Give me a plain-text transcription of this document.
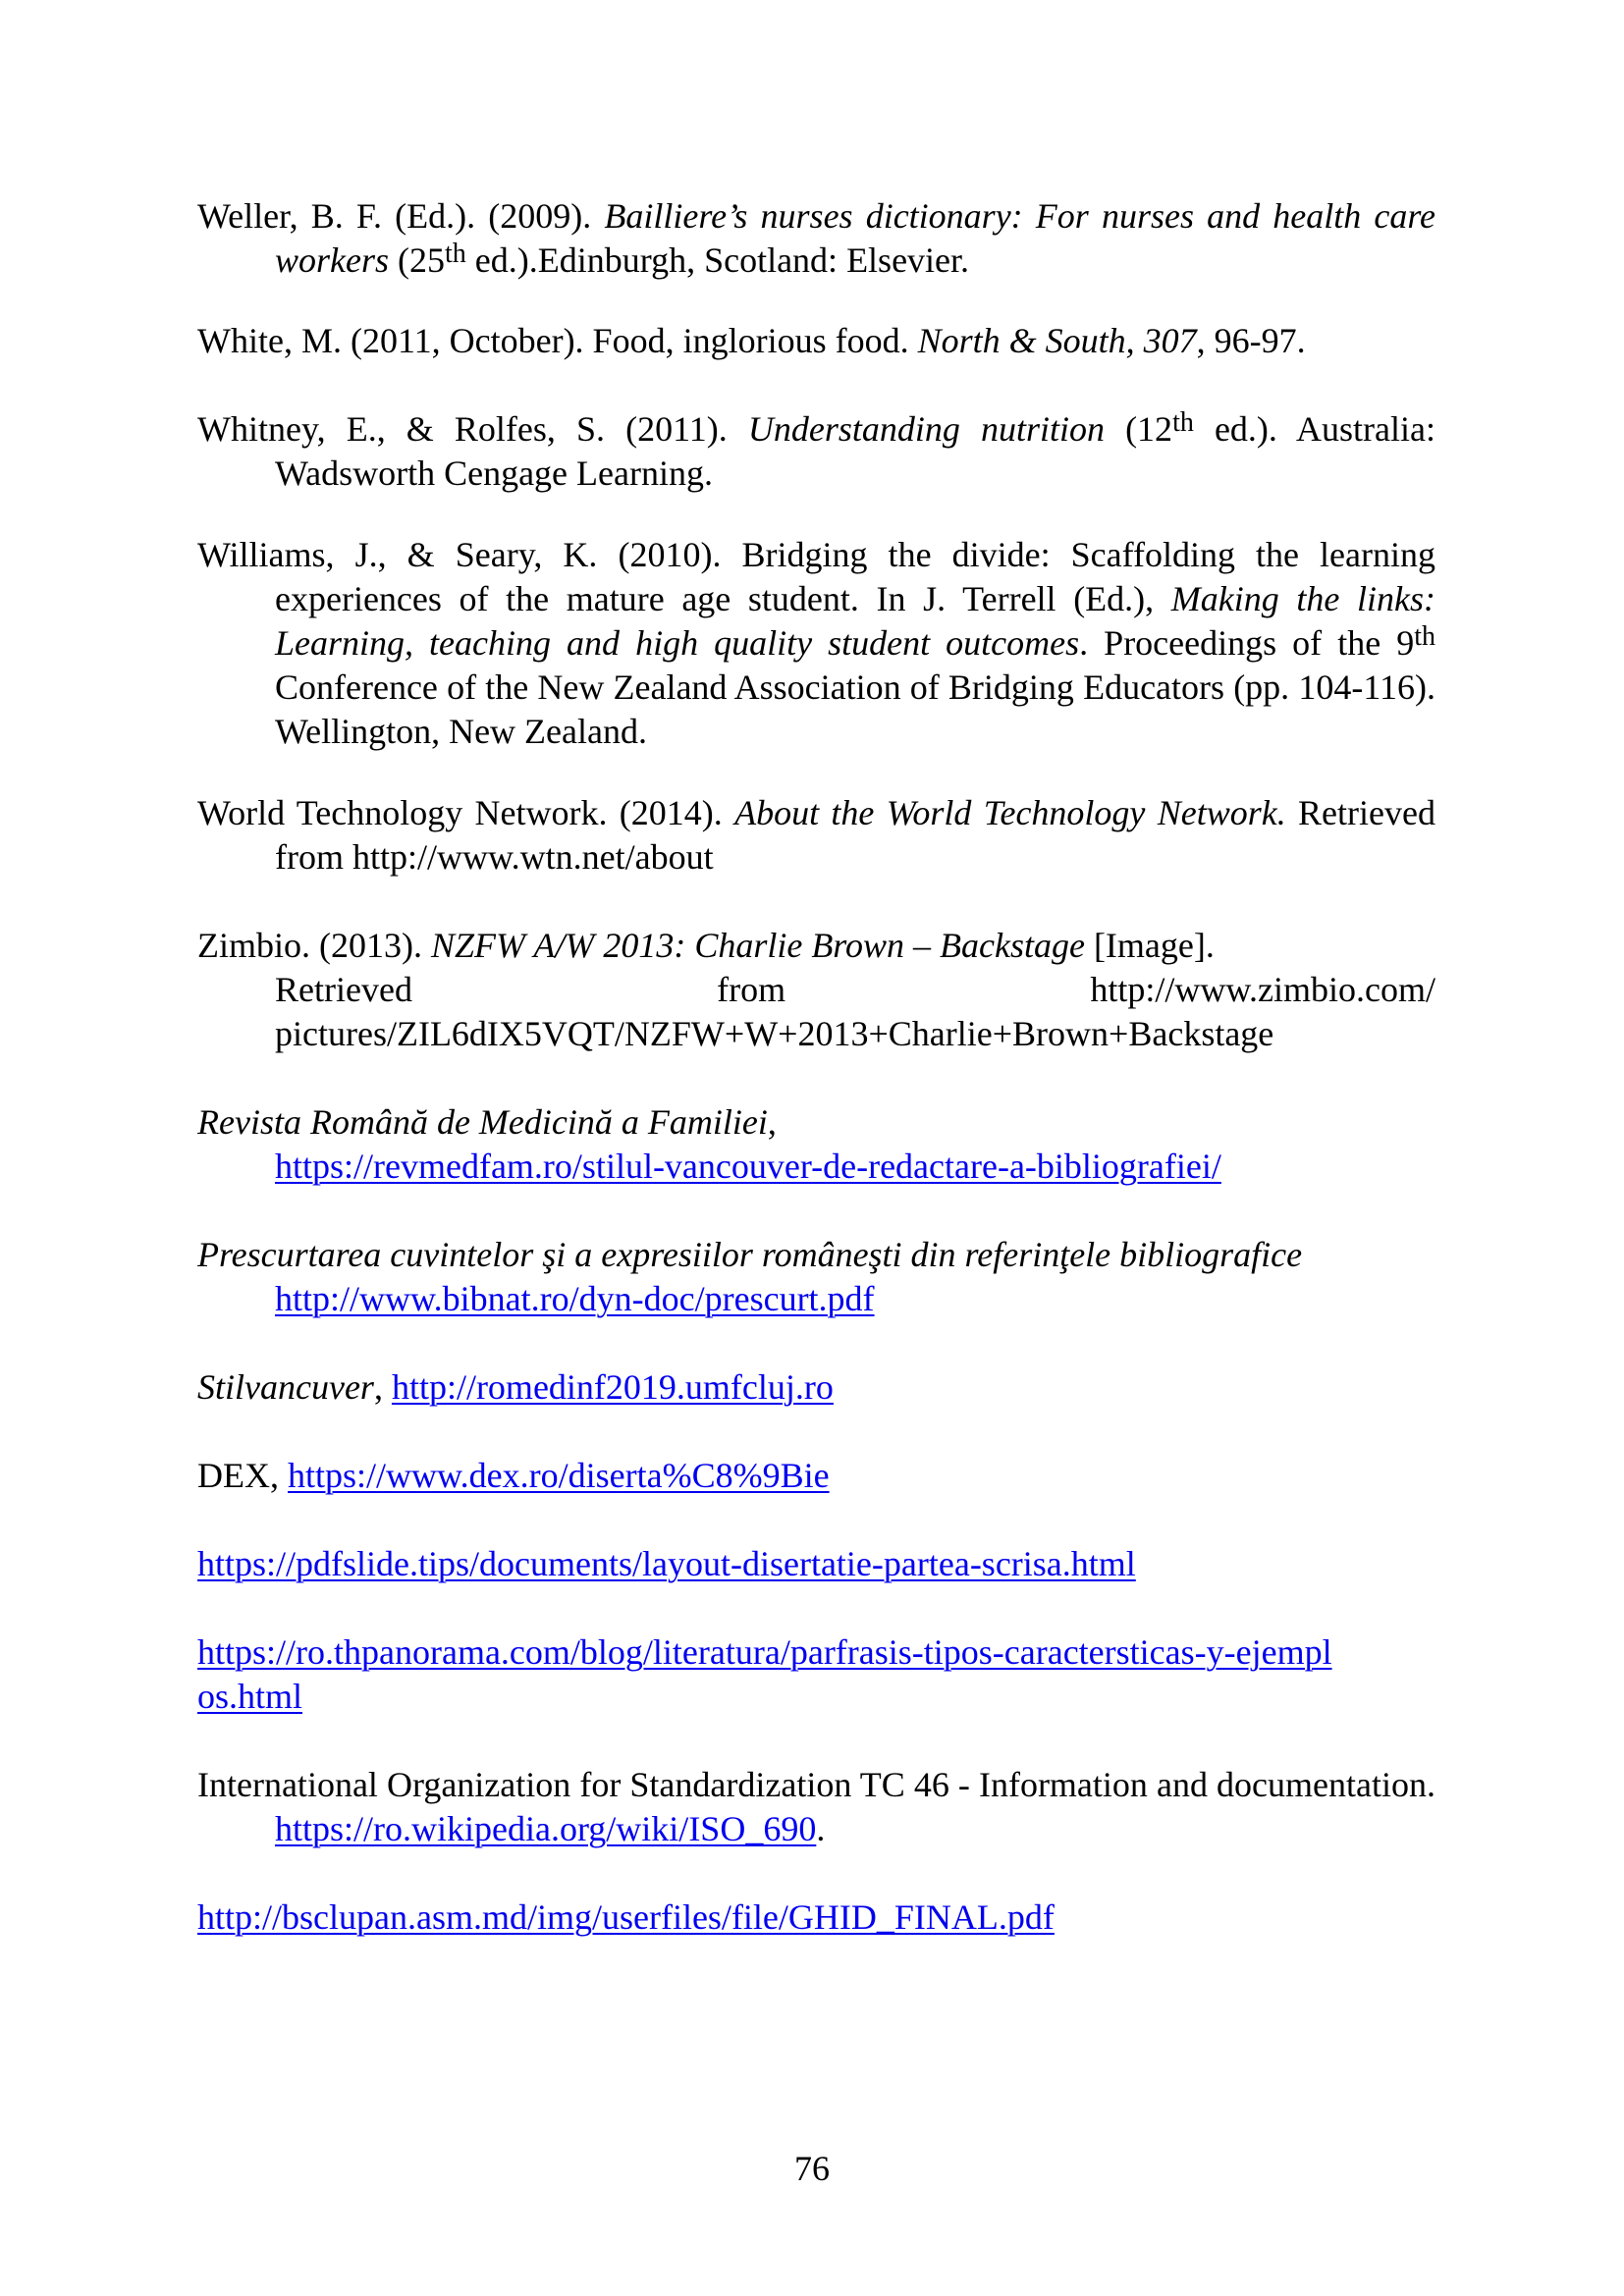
Weller, B. F. (Ed.). (2009). Bailliere’s nurses dictionary: For nurses and health care workers (25th ed.).Edinburgh, Scotland: Elsevier.

White, M. (2011, October). Food, inglorious food. North & South, 307, 96-97.

Whitney, E., & Rolfes, S. (2011). Understanding nutrition (12th ed.). Australia: Wadsworth Cengage Learning.

Williams, J., & Seary, K. (2010). Bridging the divide: Scaffolding the learning experiences of the mature age student. In J. Terrell (Ed.), Making the links: Learning, teaching and high quality student outcomes. Proceedings of the 9th Conference of the New Zealand Association of Bridging Educators (pp. 104-116). Wellington, New Zealand.

World Technology Network. (2014). About the World Technology Network. Retrieved from http://www.wtn.net/about

Zimbio. (2013). NZFW A/W 2013: Charlie Brown – Backstage [Image].
Retrieved	from	http://www.zimbio.com/
pictures/ZIL6dIX5VQT/NZFW+W+2013+Charlie+Brown+Backstage

Revista Română de Medicină a Familiei,
https://revmedfam.ro/stilul-vancouver-de-redactare-a-bibliografiei/

Prescurtarea cuvintelor şi a expresiilor româneşti din referinţele bibliografice
http://www.bibnat.ro/dyn-doc/prescurt.pdf

Stilvancuver, http://romedinf2019.umfcluj.ro

DEX, https://www.dex.ro/diserta%C8%9Bie

https://pdfslide.tips/documents/layout-disertatie-partea-scrisa.html

https://ro.thpanorama.com/blog/literatura/parfrasis-tipos-caractersticas-y-ejemplos.html

International Organization for Standardization TC 46 - Information and documentation. https://ro.wikipedia.org/wiki/ISO_690.

http://bsclupan.asm.md/img/userfiles/file/GHID_FINAL.pdf

76
